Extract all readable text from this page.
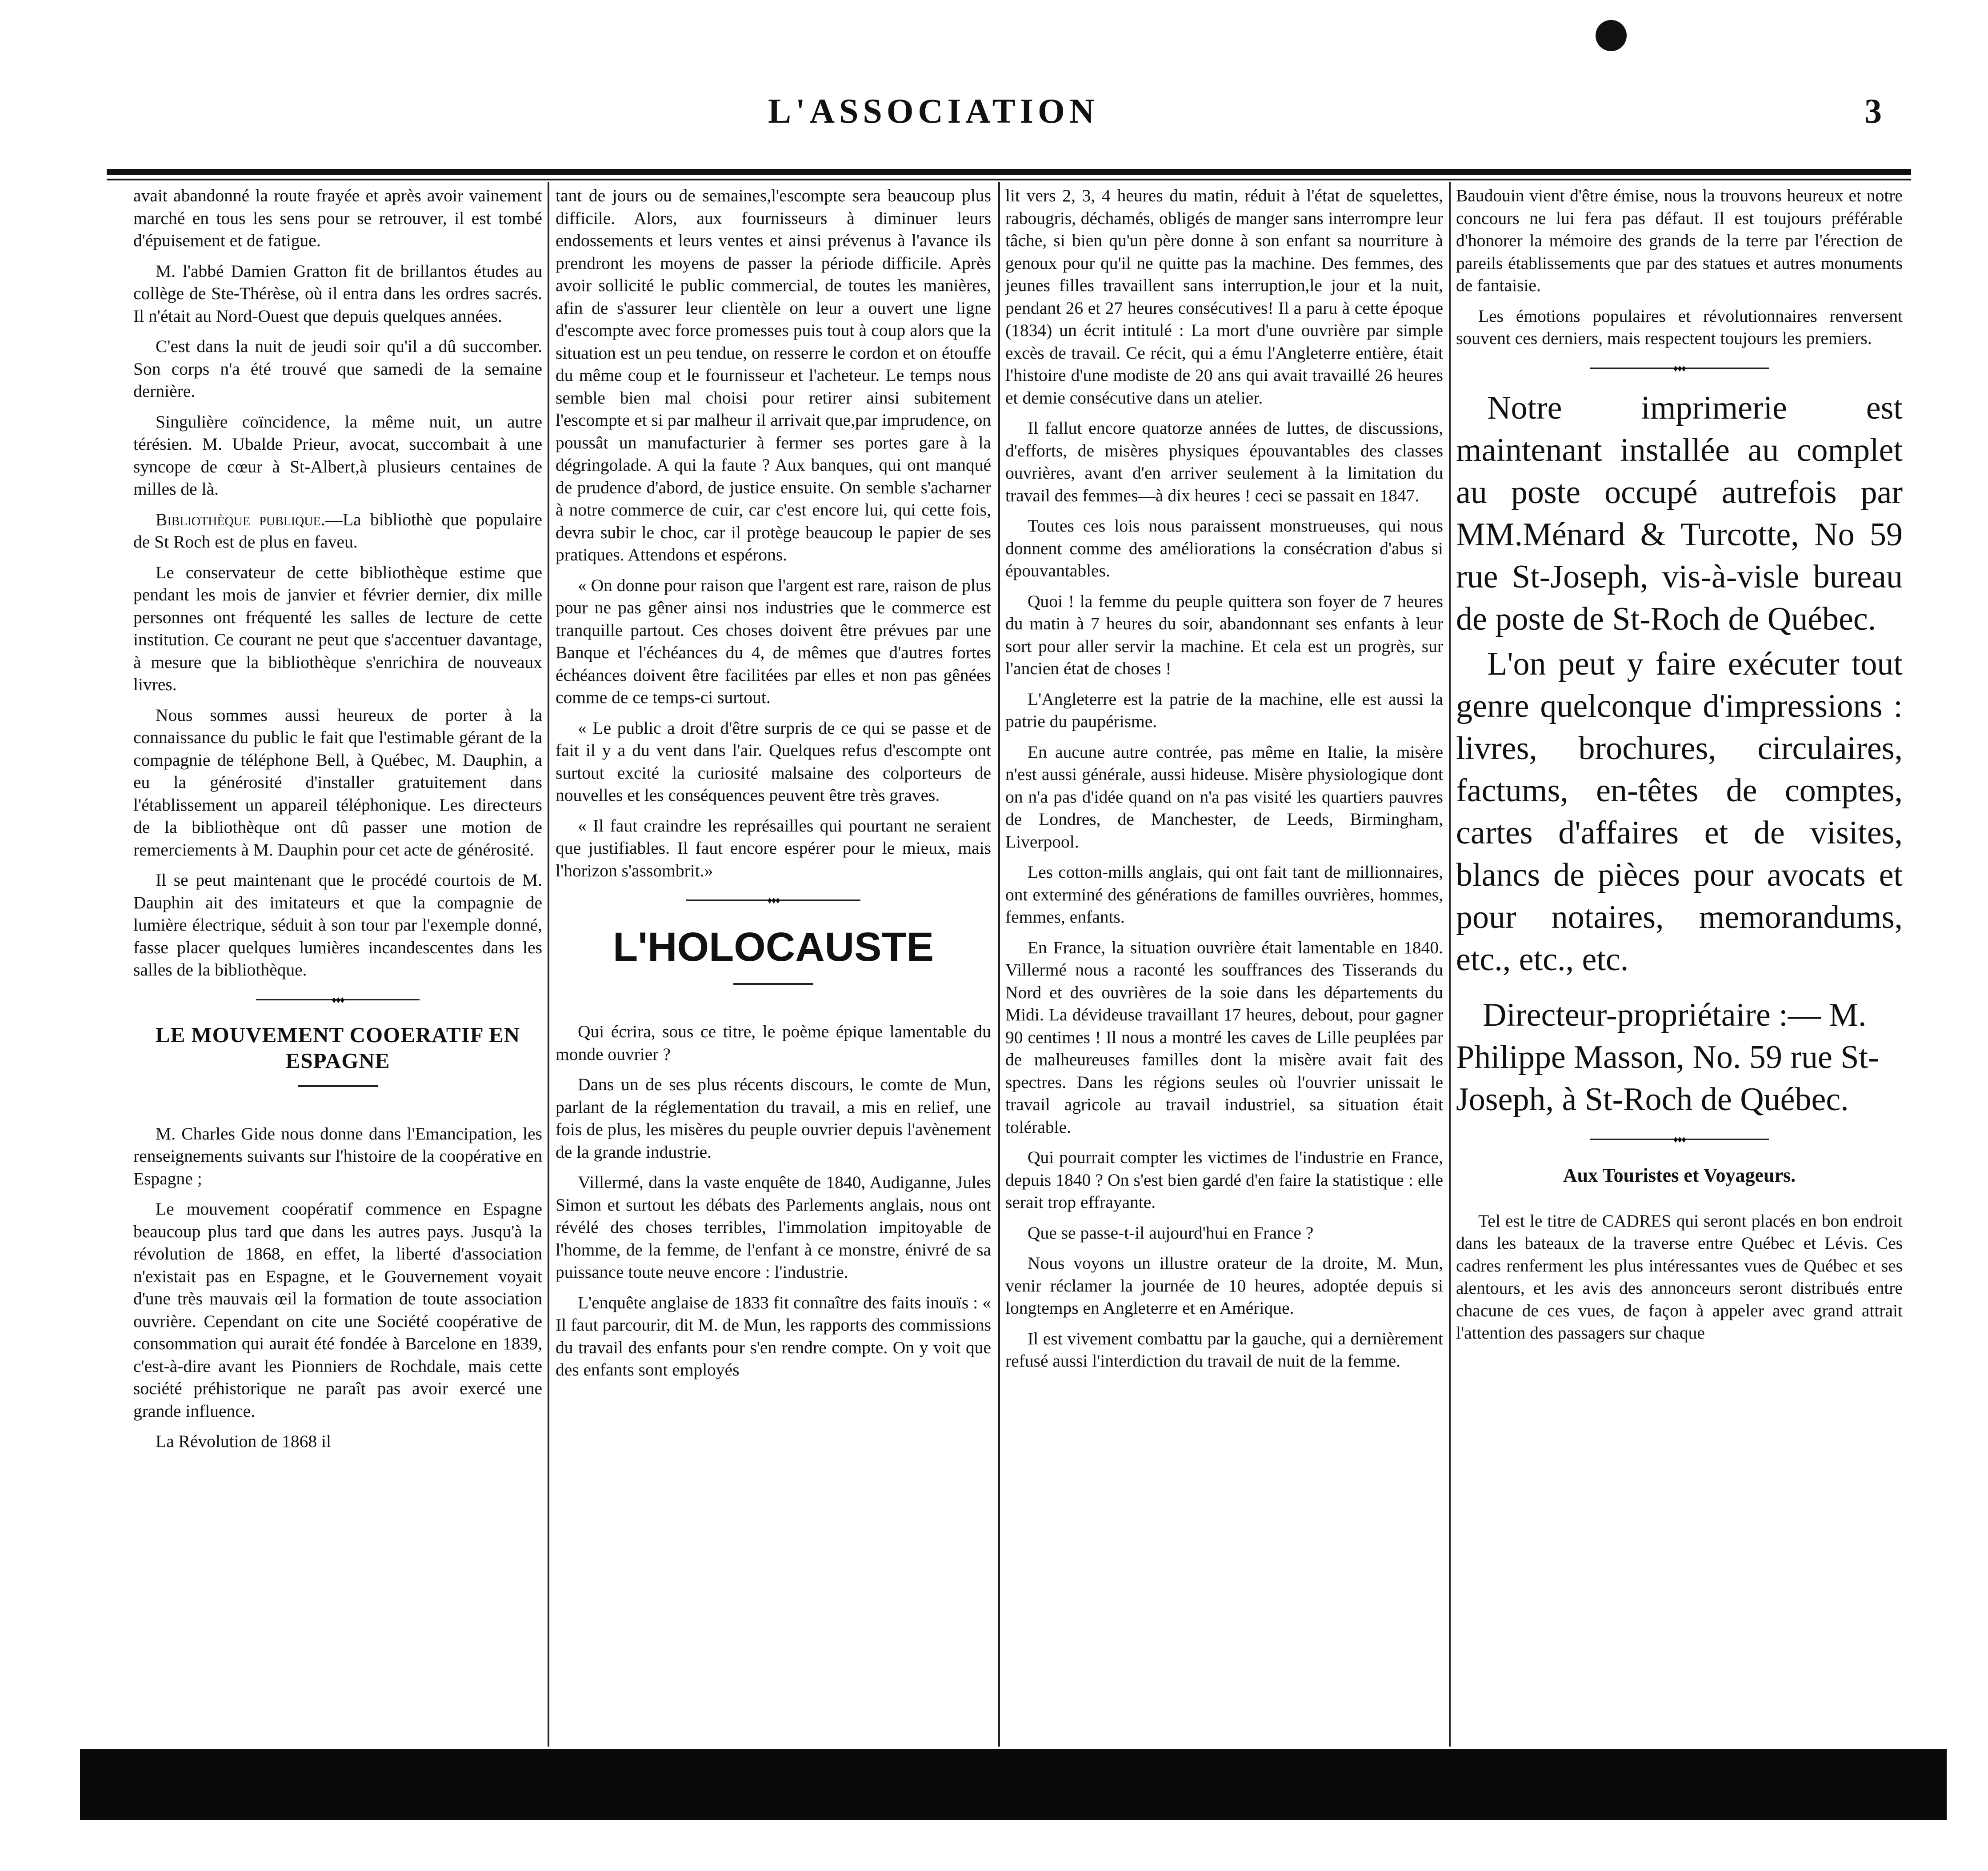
L'ASSOCIATION	3

avait abandonné la route frayée et après avoir vainement marché en tous les sens pour se retrouver, il est tombé d'épuisement et de fatigue.

M. l'abbé Damien Gratton fit de brillantos études au collège de Ste-Thérèse, où il entra dans les ordres sacrés. Il n'était au Nord-Ouest que depuis quelques années.

C'est dans la nuit de jeudi soir qu'il a dû succomber. Son corps n'a été trouvé que samedi de la semaine dernière.

Singulière coïncidence, la même nuit, un autre térésien. M. Ubalde Prieur, avocat, succombait à une syncope de cœur à St-Albert,à plusieurs centaines de milles de là.

Bibliothèque publique.—La bibliothè que populaire de St Roch est de plus en faveu.

Le conservateur de cette bibliothèque estime que pendant les mois de janvier et février dernier, dix mille personnes ont fréquenté les salles de lecture de cette institution. Ce courant ne peut que s'accentuer davantage, à mesure que la bibliothèque s'enrichira de nouveaux livres.

Nous sommes aussi heureux de porter à la connaissance du public le fait que l'estimable gérant de la compagnie de téléphone Bell, à Québec, M. Dauphin, a eu la générosité d'installer gratuitement dans l'établissement un appareil téléphonique. Les directeurs de la bibliothèque ont dû passer une motion de remerciements à M. Dauphin pour cet acte de générosité.

Il se peut maintenant que le procédé courtois de M. Dauphin ait des imitateurs et que la compagnie de lumière électrique, séduit à son tour par l'exemple donné, fasse placer quelques lumières incandescentes dans les salles de la bibliothèque.

♦♦♦
LE MOUVEMENT COOERATIF EN ESPAGNE

M. Charles Gide nous donne dans l'Emancipation, les renseignements suivants sur l'histoire de la coopérative en Espagne ;

Le mouvement coopératif commence en Espagne beaucoup plus tard que dans les autres pays. Jusqu'à la révolution de 1868, en effet, la liberté d'association n'existait pas en Espagne, et le Gouvernement voyait d'une très mauvais œil la formation de toute association ouvrière. Cependant on cite une Société coopérative de consommation qui aurait été fondée à Barcelone en 1839, c'est-à-dire avant les Pionniers de Rochdale, mais cette société préhistorique ne paraît pas avoir exercé une grande influence.

La Révolution de 1868 il

tant de jours ou de semaines,l'escompte sera beaucoup plus difficile. Alors, aux fournisseurs à diminuer leurs endossements et leurs ventes et ainsi prévenus à l'avance ils prendront les moyens de passer la période difficile. Après avoir sollicité le public commercial, de toutes les manières, afin de s'assurer leur clientèle on leur a ouvert une ligne d'escompte avec force promesses puis tout à coup alors que la situation est un peu tendue, on resserre le cordon et on étouffe du même coup et le fournisseur et l'acheteur. Le temps nous semble bien mal choisi pour retirer ainsi subitement l'escompte et si par malheur il arrivait que,par imprudence, on poussât un manufacturier à fermer ses portes gare à la dégringolade. A qui la faute ? Aux banques, qui ont manqué de prudence d'abord, de justice ensuite. On semble s'acharner à notre commerce de cuir, car c'est encore lui, qui cette fois, devra subir le choc, car il protège beaucoup le papier de ses pratiques. Attendons et espérons.

« On donne pour raison que l'argent est rare, raison de plus pour ne pas gêner ainsi nos industries que le commerce est tranquille partout. Ces choses doivent être prévues par une Banque et l'échéances du 4, de mêmes que d'autres fortes échéances doivent être facilitées par elles et non pas gênées comme de ce temps-ci surtout.

« Le public a droit d'être surpris de ce qui se passe et de fait il y a du vent dans l'air. Quelques refus d'escompte ont surtout excité la curiosité malsaine des colporteurs de nouvelles et les conséquences peuvent être très graves.

« Il faut craindre les représailles qui pourtant ne seraient que justifiables. Il faut encore espérer pour le mieux, mais l'horizon s'assombrit.»

♦♦♦
L'HOLOCAUSTE

Qui écrira, sous ce titre, le poème épique lamentable du monde ouvrier ?

Dans un de ses plus récents discours, le comte de Mun, parlant de la réglementation du travail, a mis en relief, une fois de plus, les misères du peuple ouvrier depuis l'avènement de la grande industrie.

Villermé, dans la vaste enquête de 1840, Audiganne, Jules Simon et surtout les débats des Parlements anglais, nous ont révélé des choses terribles, l'immolation impitoyable de l'homme, de la femme, de l'enfant à ce monstre, énivré de sa puissance toute neuve encore : l'industrie.

L'enquête anglaise de 1833 fit connaître des faits inouïs : « Il faut parcourir, dit M. de Mun, les rapports des commissions du travail des enfants pour s'en rendre compte. On y voit que des enfants sont employés

lit vers 2, 3, 4 heures du matin, réduit à l'état de squelettes, rabougris, déchamés, obligés de manger sans interrompre leur tâche, si bien qu'un père donne à son enfant sa nourriture à genoux pour qu'il ne quitte pas la machine. Des femmes, des jeunes filles travaillent sans interruption,le jour et la nuit, pendant 26 et 27 heures consécutives! Il a paru à cette époque (1834) un écrit intitulé : La mort d'une ouvrière par simple excès de travail. Ce récit, qui a ému l'Angleterre entière, était l'histoire d'une modiste de 20 ans qui avait travaillé 26 heures et demie consécutive dans un atelier.

Il fallut encore quatorze années de luttes, de discussions, d'efforts, de misères physiques épouvantables des classes ouvrières, avant d'en arriver seulement à la limitation du travail des femmes—à dix heures ! ceci se passait en 1847.

Toutes ces lois nous paraissent monstrueuses, qui nous donnent comme des améliorations la consécration d'abus si épouvantables.

Quoi ! la femme du peuple quittera son foyer de 7 heures du matin à 7 heures du soir, abandonnant ses enfants à leur sort pour aller servir la machine. Et cela est un progrès, sur l'ancien état de choses !

L'Angleterre est la patrie de la machine, elle est aussi la patrie du paupérisme.

En aucune autre contrée, pas même en Italie, la misère n'est aussi générale, aussi hideuse. Misère physiologique dont on n'a pas d'idée quand on n'a pas visité les quartiers pauvres de Londres, de Manchester, de Leeds, Birmingham, Liverpool.

Les cotton-mills anglais, qui ont fait tant de millionnaires, ont exterminé des générations de familles ouvrières, hommes, femmes, enfants.

En France, la situation ouvrière était lamentable en 1840. Villermé nous a raconté les souffrances des Tisserands du Nord et des ouvrières de la soie dans les départements du Midi. La dévideuse travaillant 17 heures, debout, pour gagner 90 centimes ! Il nous a montré les caves de Lille peuplées par de malheureuses familles dont la misère avait fait des spectres. Dans les régions seules où l'ouvrier unissait le travail agricole au travail industriel, sa situation était tolérable.

Qui pourrait compter les victimes de l'industrie en France, depuis 1840 ? On s'est bien gardé d'en faire la statistique : elle serait trop effrayante.

Que se passe-t-il aujourd'hui en France ?

Nous voyons un illustre orateur de la droite, M. Mun, venir réclamer la journée de 10 heures, adoptée depuis si longtemps en Angleterre et en Amérique.

Il est vivement combattu par la gauche, qui a dernièrement refusé aussi l'interdiction du travail de nuit de la femme.

Baudouin vient d'être émise, nous la trouvons heureux et notre concours ne lui fera pas défaut. Il est toujours préférable d'honorer la mémoire des grands de la terre par l'érection de pareils établissements que par des statues et autres monuments de fantaisie.

Les émotions populaires et révolutionnaires renversent souvent ces derniers, mais respectent toujours les premiers.

♦♦♦

Notre imprimerie est maintenant installée au complet au poste occupé autrefois par MM.Ménard & Turcotte, No 59 rue St-Joseph, vis-à-visle bureau de poste de St-Roch de Québec.

L'on peut y faire exécuter tout genre quelconque d'impressions : livres, brochures, circulaires, factums, en-têtes de comptes, cartes d'affaires et de visites, blancs de pièces pour avocats et pour notaires, memorandums, etc., etc., etc.

Directeur-propriétaire :— M. Philippe Masson, No. 59 rue St-Joseph, à St-Roch de Québec.

♦♦♦
Aux Touristes et Voyageurs.

Tel est le titre de CADRES qui seront placés en bon endroit dans les bateaux de la traverse entre Québec et Lévis. Ces cadres renferment les plus intéressantes vues de Québec et ses alentours, et les avis des annonceurs seront distribués entre chacune de ces vues, de façon à appeler avec grand attrait l'attention des passagers sur chaque
